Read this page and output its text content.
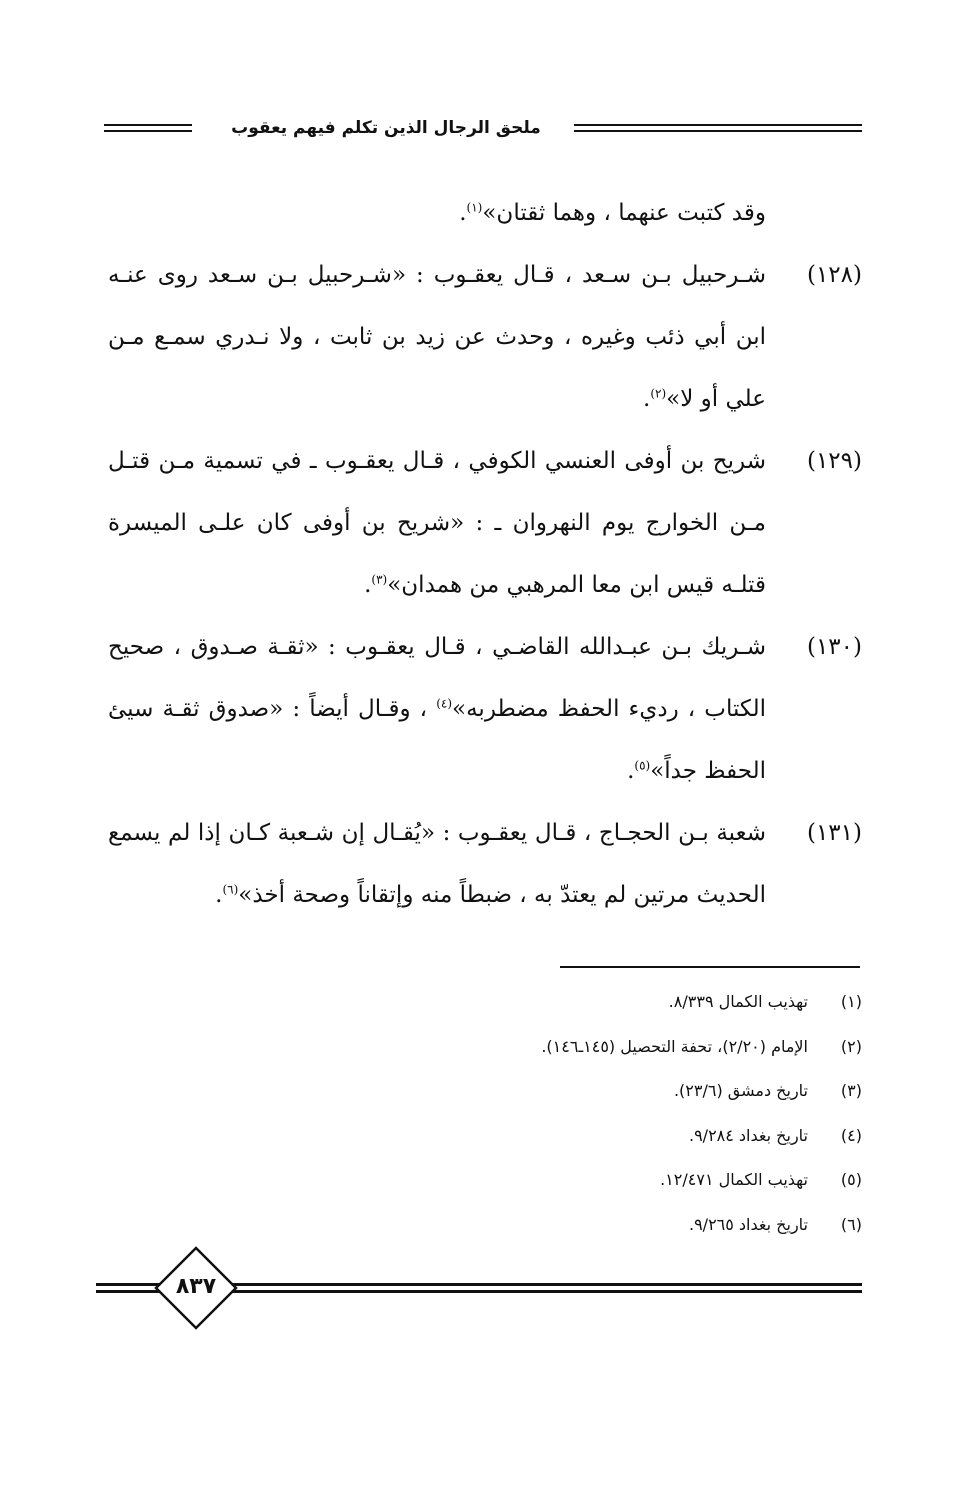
ملحق الرجال الذين تكلم فيهم يعقوب
وقد كتبت عنهما ، وهما ثقتان»$^{(١)}$.
(١٢٨)
شـرحبيل بـن سـعد ، قـال يعقـوب : «شـرحبيل بـن سـعد روى عنـه ابن أبي ذئب وغيره ، وحدث عن زيد بن ثابت ، ولا نـدري سمـع مـن علي أو لا»$^{(٢)}$.
(١٢٩)
شريح بن أوفى العنسي الكوفي ، قـال يعقـوب ـ في تسمية مـن قتـل مـن الخوارج يوم النهروان ـ : «شريح بن أوفى كان علـى الميسرة قتلـه قيس ابن معا المرهبي من همدان»$^{(٣)}$.
(١٣٠)
شـريك بـن عبـدالله القاضـي ، قـال يعقـوب : «ثقـة صـدوق ، صحيح الكتاب ، رديء الحفظ مضطربه»$^{(٤)}$ ، وقـال أيضاً : «صدوق ثقـة سيئ الحفظ جداً»$^{(٥)}$.
(١٣١)
شعبة بـن الحجـاج ، قـال يعقـوب : «يُقـال إن شـعبة كـان إذا لم يسمع الحديث مرتين لم يعتدّ به ، ضبطاً منه وإتقاناً وصحة أخذ»$^{(٦)}$.
(١)تهذيب الكمال ٨/٣٣٩.
(٢)الإمام (٢/٢٠)، تحفة التحصيل (١٤٥ـ١٤٦).
(٣)تاريخ دمشق (٢٣/٦).
(٤)تاريخ بغداد ٩/٢٨٤.
(٥)تهذيب الكمال ١٢/٤٧١.
(٦)تاريخ بغداد ٩/٢٦٥.
٨٣٧
